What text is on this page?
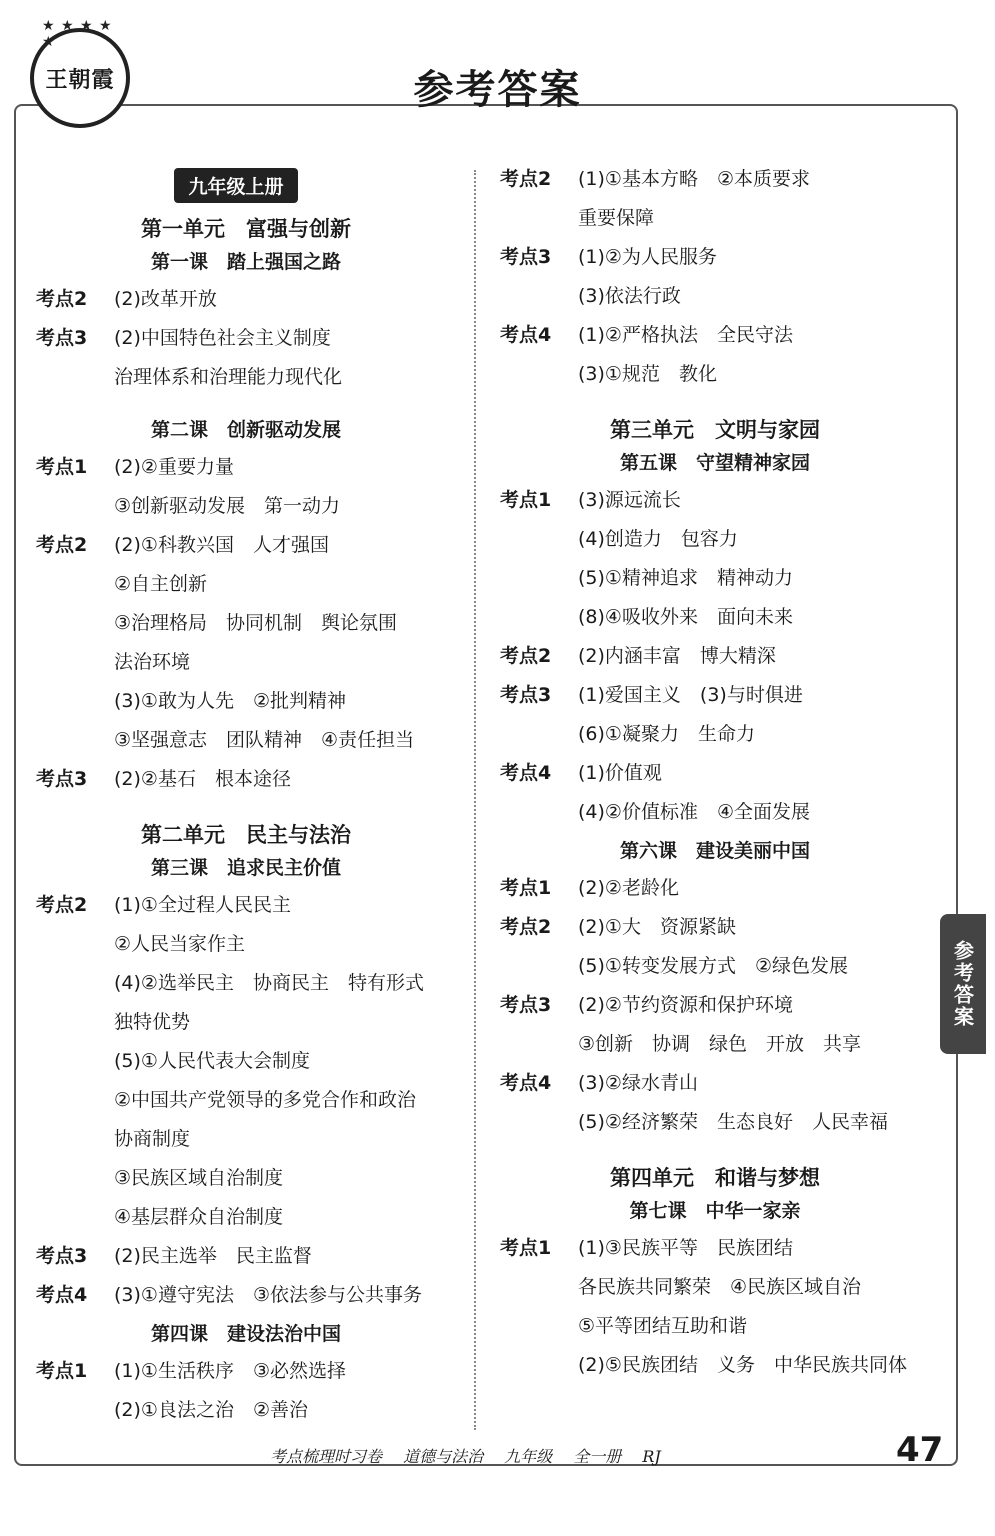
★ ★ ★ ★ ★
王朝霞	参考答案
九年级上册
第一单元　富强与创新
第一课　踏上强国之路
考点2	(2)改革开放
考点3	(2)中国特色社会主义制度
治理体系和治理能力现代化
第二课　创新驱动发展
考点1	(2)②重要力量
③创新驱动发展　第一动力
考点2	(2)①科教兴国　人才强国
②自主创新
③治理格局　协同机制　舆论氛围
法治环境
(3)①敢为人先　②批判精神
③坚强意志　团队精神　④责任担当
考点3	(2)②基石　根本途径
第二单元　民主与法治
第三课　追求民主价值
考点2	(1)①全过程人民民主
②人民当家作主
(4)②选举民主　协商民主　特有形式
独特优势
(5)①人民代表大会制度
②中国共产党领导的多党合作和政治
协商制度
③民族区域自治制度
④基层群众自治制度
考点3	(2)民主选举　民主监督
考点4	(3)①遵守宪法　③依法参与公共事务
第四课　建设法治中国
考点1	(1)①生活秩序　③必然选择
(2)①良法之治　②善治
考点2	(1)①基本方略　②本质要求
重要保障
考点3	(1)②为人民服务
(3)依法行政
考点4	(1)②严格执法　全民守法
(3)①规范　教化
第三单元　文明与家园
第五课　守望精神家园
考点1	(3)源远流长
(4)创造力　包容力
(5)①精神追求　精神动力
(8)④吸收外来　面向未来
考点2	(2)内涵丰富　博大精深
考点3	(1)爱国主义　(3)与时俱进
(6)①凝聚力　生命力
考点4	(1)价值观
(4)②价值标准　④全面发展
第六课　建设美丽中国
考点1	(2)②老龄化
考点2	(2)①大　资源紧缺
(5)①转变发展方式　②绿色发展
考点3	(2)②节约资源和保护环境
③创新　协调　绿色　开放　共享
考点4	(3)②绿水青山
(5)②经济繁荣　生态良好　人民幸福
第四单元　和谐与梦想
第七课　中华一家亲
考点1	(1)③民族平等　民族团结
各民族共同繁荣　④民族区域自治
⑤平等团结互助和谐
(2)⑤民族团结　义务　中华民族共同体
参考答案
考点梳理时习卷　 道德与法治 　九年级　 全一册 　RJ	47
